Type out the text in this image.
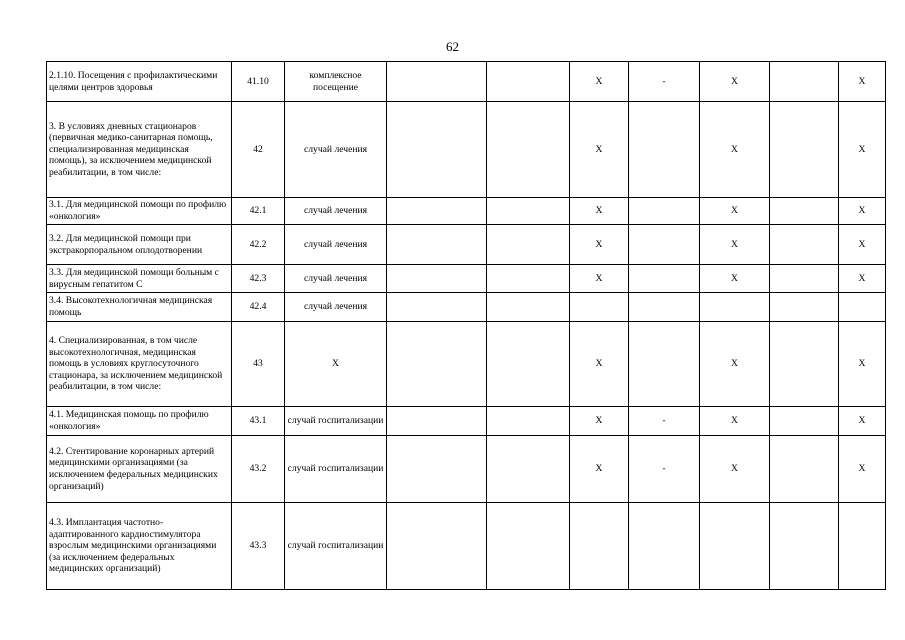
62
2.1.10. Посещения с профилактическими целями центров здоровья	41.10	комплексное посещение			X	-	X		X
3. В условиях дневных стационаров (первичная медико-санитарная помощь, специализированная медицинская помощь), за исключением медицинской реабилитации, в том числе:	42	случай лечения			X		X		X
3.1. Для медицинской помощи по профилю «онкология»	42.1	случай лечения			X		X		X
3.2. Для медицинской помощи при экстракорпоральном оплодотворении	42.2	случай лечения			X		X		X
3.3. Для медицинской помощи больным с вирусным гепатитом С	42.3	случай лечения			X		X		X
3.4. Высокотехнологичная медицинская помощь	42.4	случай лечения							
4. Специализированная, в том числе высокотехнологичная, медицинская помощь в условиях круглосуточного стационара, за исключением медицинской реабилитации, в том числе:	43	X			X		X		X
4.1. Медицинская помощь по профилю «онкология»	43.1	случай госпитализации			X	-	X		X
4.2. Стентирование коронарных артерий медицинскими организациями (за исключением федеральных медицинских организаций)	43.2	случай госпитализации			X	-	X		X
4.3. Имплантация частотно-адаптированного кардиостимулятора взрослым медицинскими организациями (за исключением федеральных медицинских организаций)	43.3	случай госпитализации							
